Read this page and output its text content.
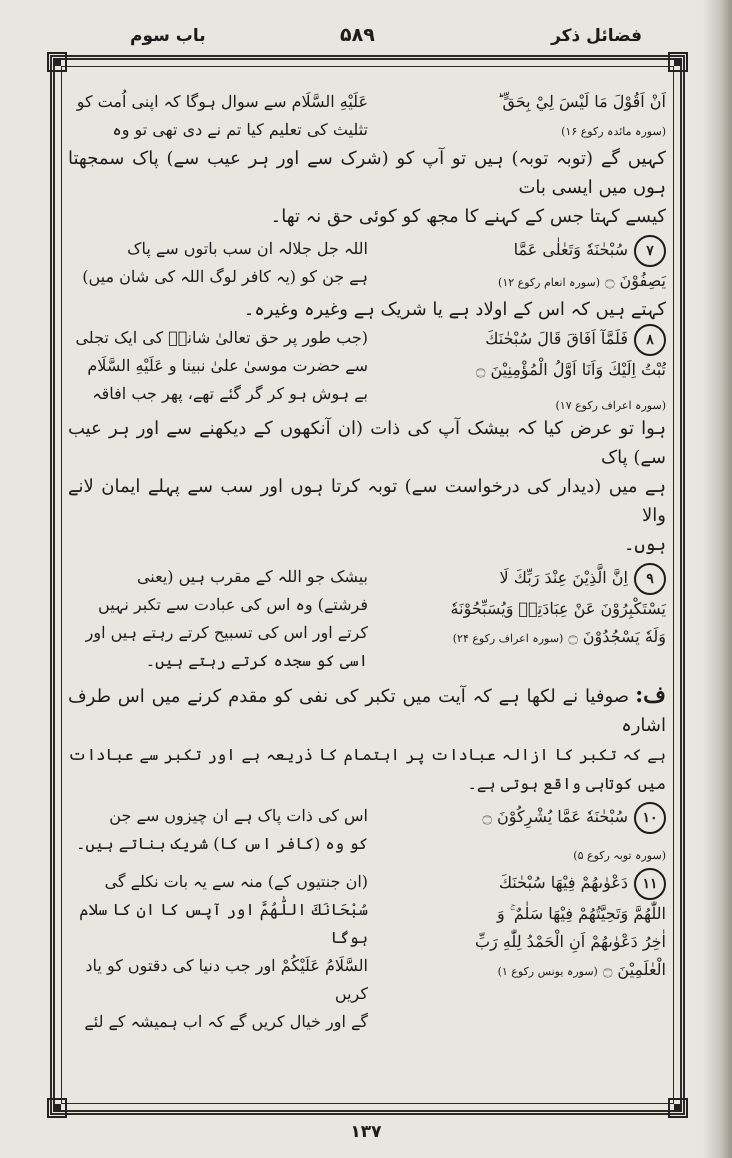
فضائل ذکر
۵۸۹
باب سوم
اَنْ اَقُوْلَ مَا لَيْسَ لِيْ بِحَقٍّ ؕ
عَلَيْهِ السَّلَام سے سوال ہوگا کہ اپنی اُمت کو
(سورہ مائدہ رکوع ۱۶)
تثلیث کی تعلیم کیا تم نے دی تھی تو وہ

کہیں گے (توبہ توبہ) ہیں تو آپ کو (شرک سے اور ہر عیب سے) پاک سمجھتا ہوں میں ایسی بات

کیسے کہتا جس کے کہنے کا مجھ کو کوئی حق نہ تھا۔

۷سُبْحٰنَهٗ وَتَعٰلٰى عَمَّا
يَصِفُوْنَ ۝ (سورہ انعام رکوع ۱۲)
اللہ جل جلالہ ان سب باتوں سے پاک
ہے جن کو (یہ کافر لوگ اللہ کی شان میں)

کہتے ہیں کہ اس کے اولاد ہے یا شریک ہے وغیرہ وغیرہ۔

۸فَلَمَّآ اَفَاقَ قَالَ سُبْحٰنَكَ
تُبْتُ اِلَيْكَ وَاَنَا اَوَّلُ الْمُؤْمِنِيْنَ ۝
(سورہ اعراف رکوع ۱۷)
(جب طور پر حق تعالیٰ شانہٗ کی ایک تجلی
سے حضرت موسیٰ علیٰ نبینا و عَلَيْهِ السَّلَام
بے ہوش ہو کر گر گئے تھے، پھر جب افاقہ

ہوا تو عرض کیا کہ بیشک آپ کی ذات (ان آنکھوں کے دیکھنے سے اور ہر عیب سے) پاک

ہے میں (دیدار کی درخواست سے) توبہ کرتا ہوں اور سب سے پہلے ایمان لانے والا

ہوں۔

۹اِنَّ الَّذِيْنَ عِنْدَ رَبِّكَ لَا
يَسْتَكْبِرُوْنَ عَنْ عِبَادَتِهٖ وَيُسَبِّحُوْنَهٗ
وَلَهٗ يَسْجُدُوْنَ ۝ (سورہ اعراف رکوع ۲۴)
بیشک جو اللہ کے مقرب ہیں (یعنی
فرشتے) وہ اس کی عبادت سے تکبر نہیں
کرتے اور اس کی تسبیح کرتے رہتے ہیں اور
اسی کو سجدہ کرتے رہتے ہیں۔

ف:صوفیا نے لکھا ہے کہ آیت میں تکبر کی نفی کو مقدم کرنے میں اس طرف اشارہ

ہے کہ تکبر کا ازالہ عبادات پر اہتمام کا ذریعہ ہے اور تکبر سے عبادات میں کوتاہی واقع ہوتی ہے۔

۱۰سُبْحٰنَهٗ عَمَّا يُشْرِكُوْنَ ۝
(سورہ توبہ رکوع ۵)
اس کی ذات پاک ہے ان چیزوں سے جن
کو وہ (کافر اس کا) شریک بناتے ہیں۔
۱۱دَعْوٰىهُمْ فِيْهَا سُبْحٰنَكَ
اللّٰهُمَّ وَتَحِيَّتُهُمْ فِيْهَا سَلٰمٌ ۚ وَ
اٰخِرُ دَعْوٰىهُمْ اَنِ الْحَمْدُ لِلّٰهِ رَبِّ
الْعٰلَمِيْنَ ۝ (سورہ یونس رکوع ۱)
(ان جنتیوں کے) منہ سے یہ بات نکلے گی
سُبْحَانَكَ اللّٰهُمَّ اور آپس کا ان کا سلام ہوگا
السَّلَامُ عَلَيْكُمْ اور جب دنیا کی دقتوں کو یاد کریں
گے اور خیال کریں گے کہ اب ہمیشہ کے لئے
۱۳۷
